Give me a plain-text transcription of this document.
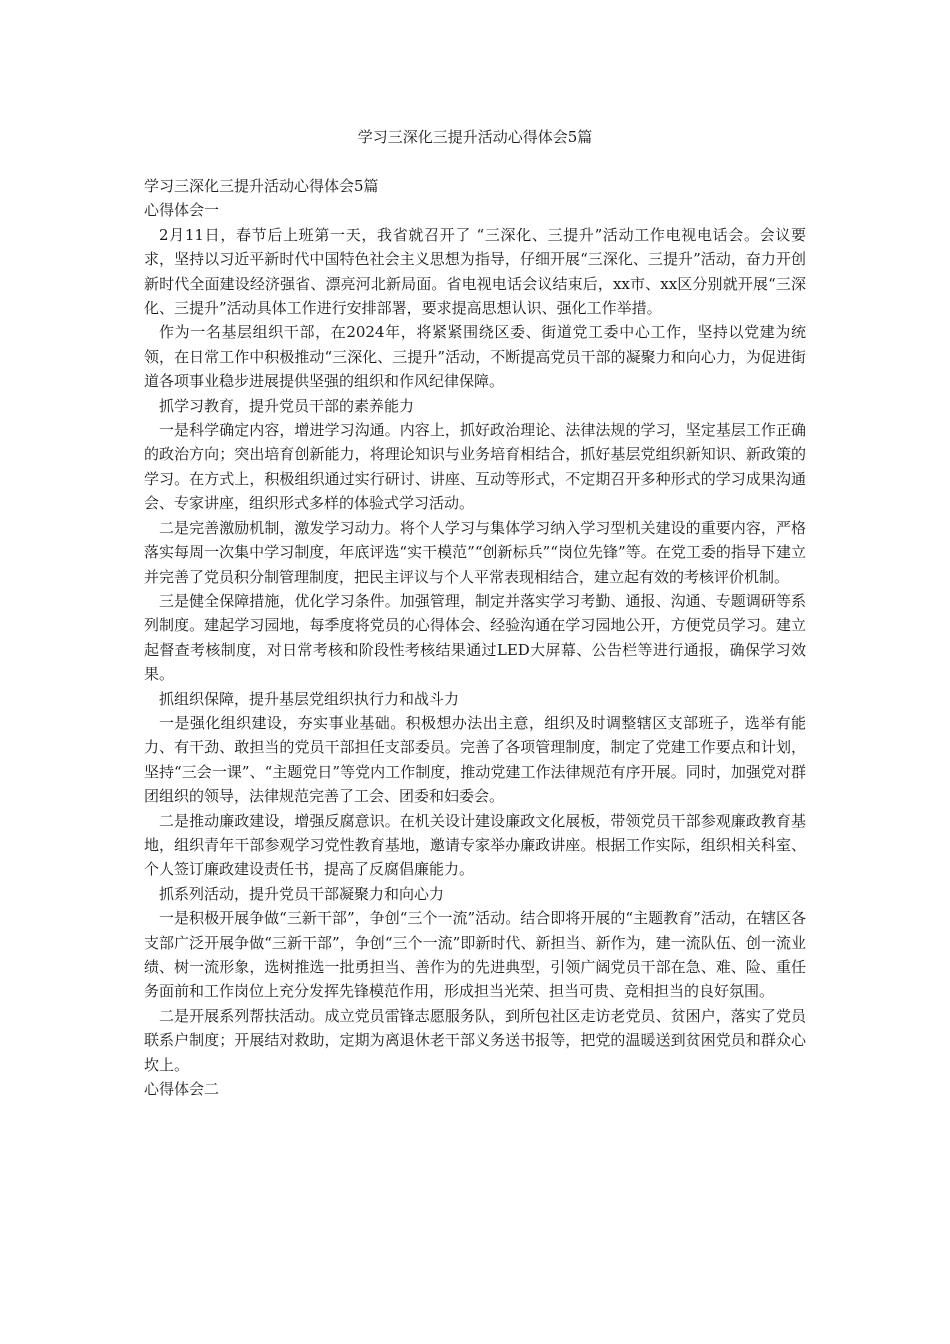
学习三深化三提升活动心得体会5篇

学习三深化三提升活动心得体会5篇

心得体会一

2月11日，春节后上班第一天，我省就召开了 “三深化、三提升”活动工作电视电话会。会议要求，坚持以习近平新时代中国特色社会主义思想为指导，仔细开展“三深化、三提升”活动，奋力开创新时代全面建设经济强省、漂亮河北新局面。省电视电话会议结束后，xx市、xx区分别就开展“三深化、三提升”活动具体工作进行安排部署，要求提高思想认识、强化工作举措。

作为一名基层组织干部，在2024年，将紧紧围绕区委、街道党工委中心工作，坚持以党建为统领，在日常工作中积极推动“三深化、三提升”活动，不断提高党员干部的凝聚力和向心力，为促进街道各项事业稳步进展提供坚强的组织和作风纪律保障。

抓学习教育，提升党员干部的素养能力

一是科学确定内容，增进学习沟通。内容上，抓好政治理论、法律法规的学习，坚定基层工作正确的政治方向；突出培育创新能力，将理论知识与业务培育相结合，抓好基层党组织新知识、新政策的学习。在方式上，积极组织通过实行研讨、讲座、互动等形式，不定期召开多种形式的学习成果沟通会、专家讲座，组织形式多样的体验式学习活动。

二是完善激励机制，激发学习动力。将个人学习与集体学习纳入学习型机关建设的重要内容，严格落实每周一次集中学习制度，年底评选“实干模范”“创新标兵”“岗位先锋”等。在党工委的指导下建立并完善了党员积分制管理制度，把民主评议与个人平常表现相结合，建立起有效的考核评价机制。

三是健全保障措施，优化学习条件。加强管理，制定并落实学习考勤、通报、沟通、专题调研等系列制度。建起学习园地，每季度将党员的心得体会、经验沟通在学习园地公开，方便党员学习。建立起督查考核制度，对日常考核和阶段性考核结果通过LED大屏幕、公告栏等进行通报，确保学习效果。

抓组织保障，提升基层党组织执行力和战斗力

一是强化组织建设，夯实事业基础。积极想办法出主意，组织及时调整辖区支部班子，选举有能力、有干劲、敢担当的党员干部担任支部委员。完善了各项管理制度，制定了党建工作要点和计划，坚持“三会一课”、“主题党日”等党内工作制度，推动党建工作法律规范有序开展。同时，加强党对群团组织的领导，法律规范完善了工会、团委和妇委会。

二是推动廉政建设，增强反腐意识。在机关设计建设廉政文化展板，带领党员干部参观廉政教育基地，组织青年干部参观学习党性教育基地，邀请专家举办廉政讲座。根据工作实际，组织相关科室、个人签订廉政建设责任书，提高了反腐倡廉能力。

抓系列活动，提升党员干部凝聚力和向心力

一是积极开展争做“三新干部”，争创“三个一流”活动。结合即将开展的“主题教育”活动，在辖区各支部广泛开展争做“三新干部”，争创“三个一流”即新时代、新担当、新作为，建一流队伍、创一流业绩、树一流形象，选树推选一批勇担当、善作为的先进典型，引领广阔党员干部在急、难、险、重任务面前和工作岗位上充分发挥先锋模范作用，形成担当光荣、担当可贵、竞相担当的良好氛围。

二是开展系列帮扶活动。成立党员雷锋志愿服务队，到所包社区走访老党员、贫困户，落实了党员联系户制度；开展结对救助，定期为离退休老干部义务送书报等，把党的温暖送到贫困党员和群众心坎上。

心得体会二
